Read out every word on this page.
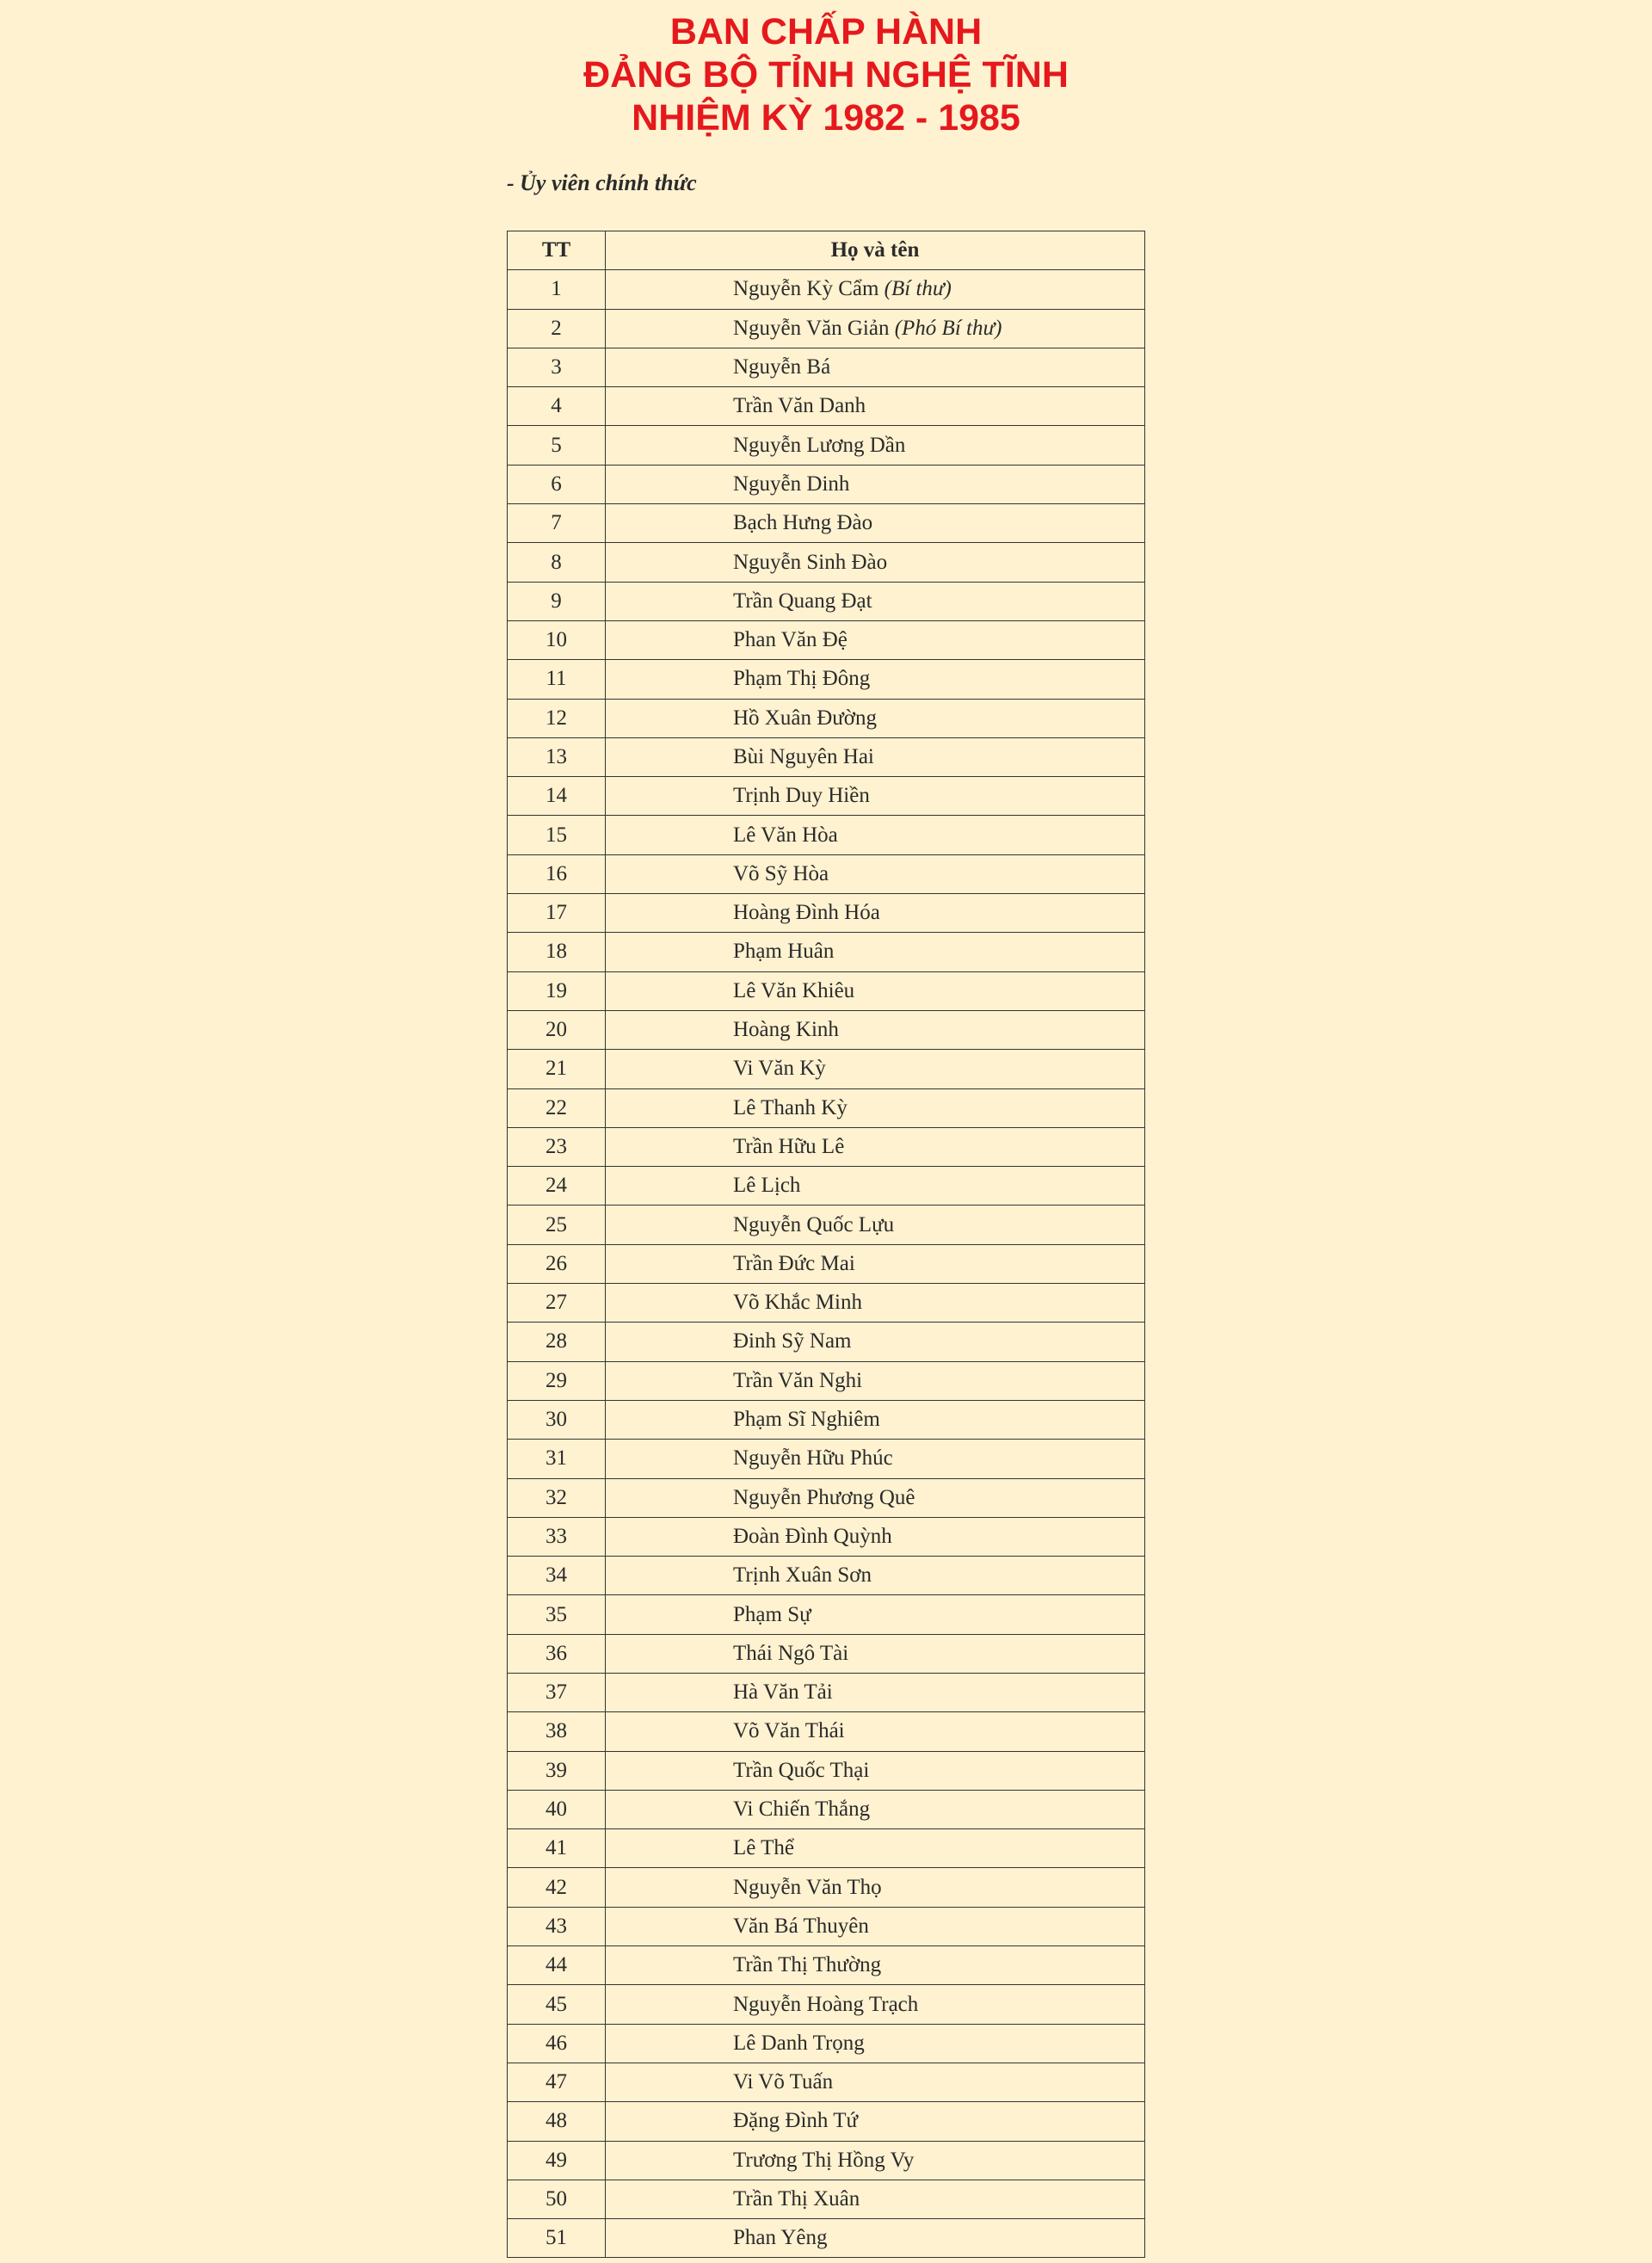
BAN CHẤP HÀNH
ĐẢNG BỘ TỈNH NGHỆ TĨNH
NHIỆM KỲ 1982 - 1985
- Ủy viên chính thức
TT	Họ và tên
1	Nguyễn Kỳ Cẩm (Bí thư)
2	Nguyễn Văn Giản (Phó Bí thư)
3	Nguyễn Bá
4	Trần Văn Danh
5	Nguyễn Lương Dần
6	Nguyễn Dinh
7	Bạch Hưng Đào
8	Nguyễn Sinh Đào
9	Trần Quang Đạt
10	Phan Văn Đệ
11	Phạm Thị Đông
12	Hồ Xuân Đường
13	Bùi Nguyên Hai
14	Trịnh Duy Hiền
15	Lê Văn Hòa
16	Võ Sỹ Hòa
17	Hoàng Đình Hóa
18	Phạm Huân
19	Lê Văn Khiêu
20	Hoàng Kinh
21	Vi Văn Kỳ
22	Lê Thanh Kỳ
23	Trần Hữu Lê
24	Lê Lịch
25	Nguyễn Quốc Lựu
26	Trần Đức Mai
27	Võ Khắc Minh
28	Đinh Sỹ Nam
29	Trần Văn Nghi
30	Phạm Sĩ Nghiêm
31	Nguyễn Hữu Phúc
32	Nguyễn Phương Quê
33	Đoàn Đình Quỳnh
34	Trịnh Xuân Sơn
35	Phạm Sự
36	Thái Ngô Tài
37	Hà Văn Tải
38	Võ Văn Thái
39	Trần Quốc Thại
40	Vi Chiến Thắng
41	Lê Thể
42	Nguyễn Văn Thọ
43	Văn Bá Thuyên
44	Trần Thị Thường
45	Nguyễn Hoàng Trạch
46	Lê Danh Trọng
47	Vi Võ Tuấn
48	Đặng Đình Tứ
49	Trương Thị Hồng Vy
50	Trần Thị Xuân
51	Phan Yêng
